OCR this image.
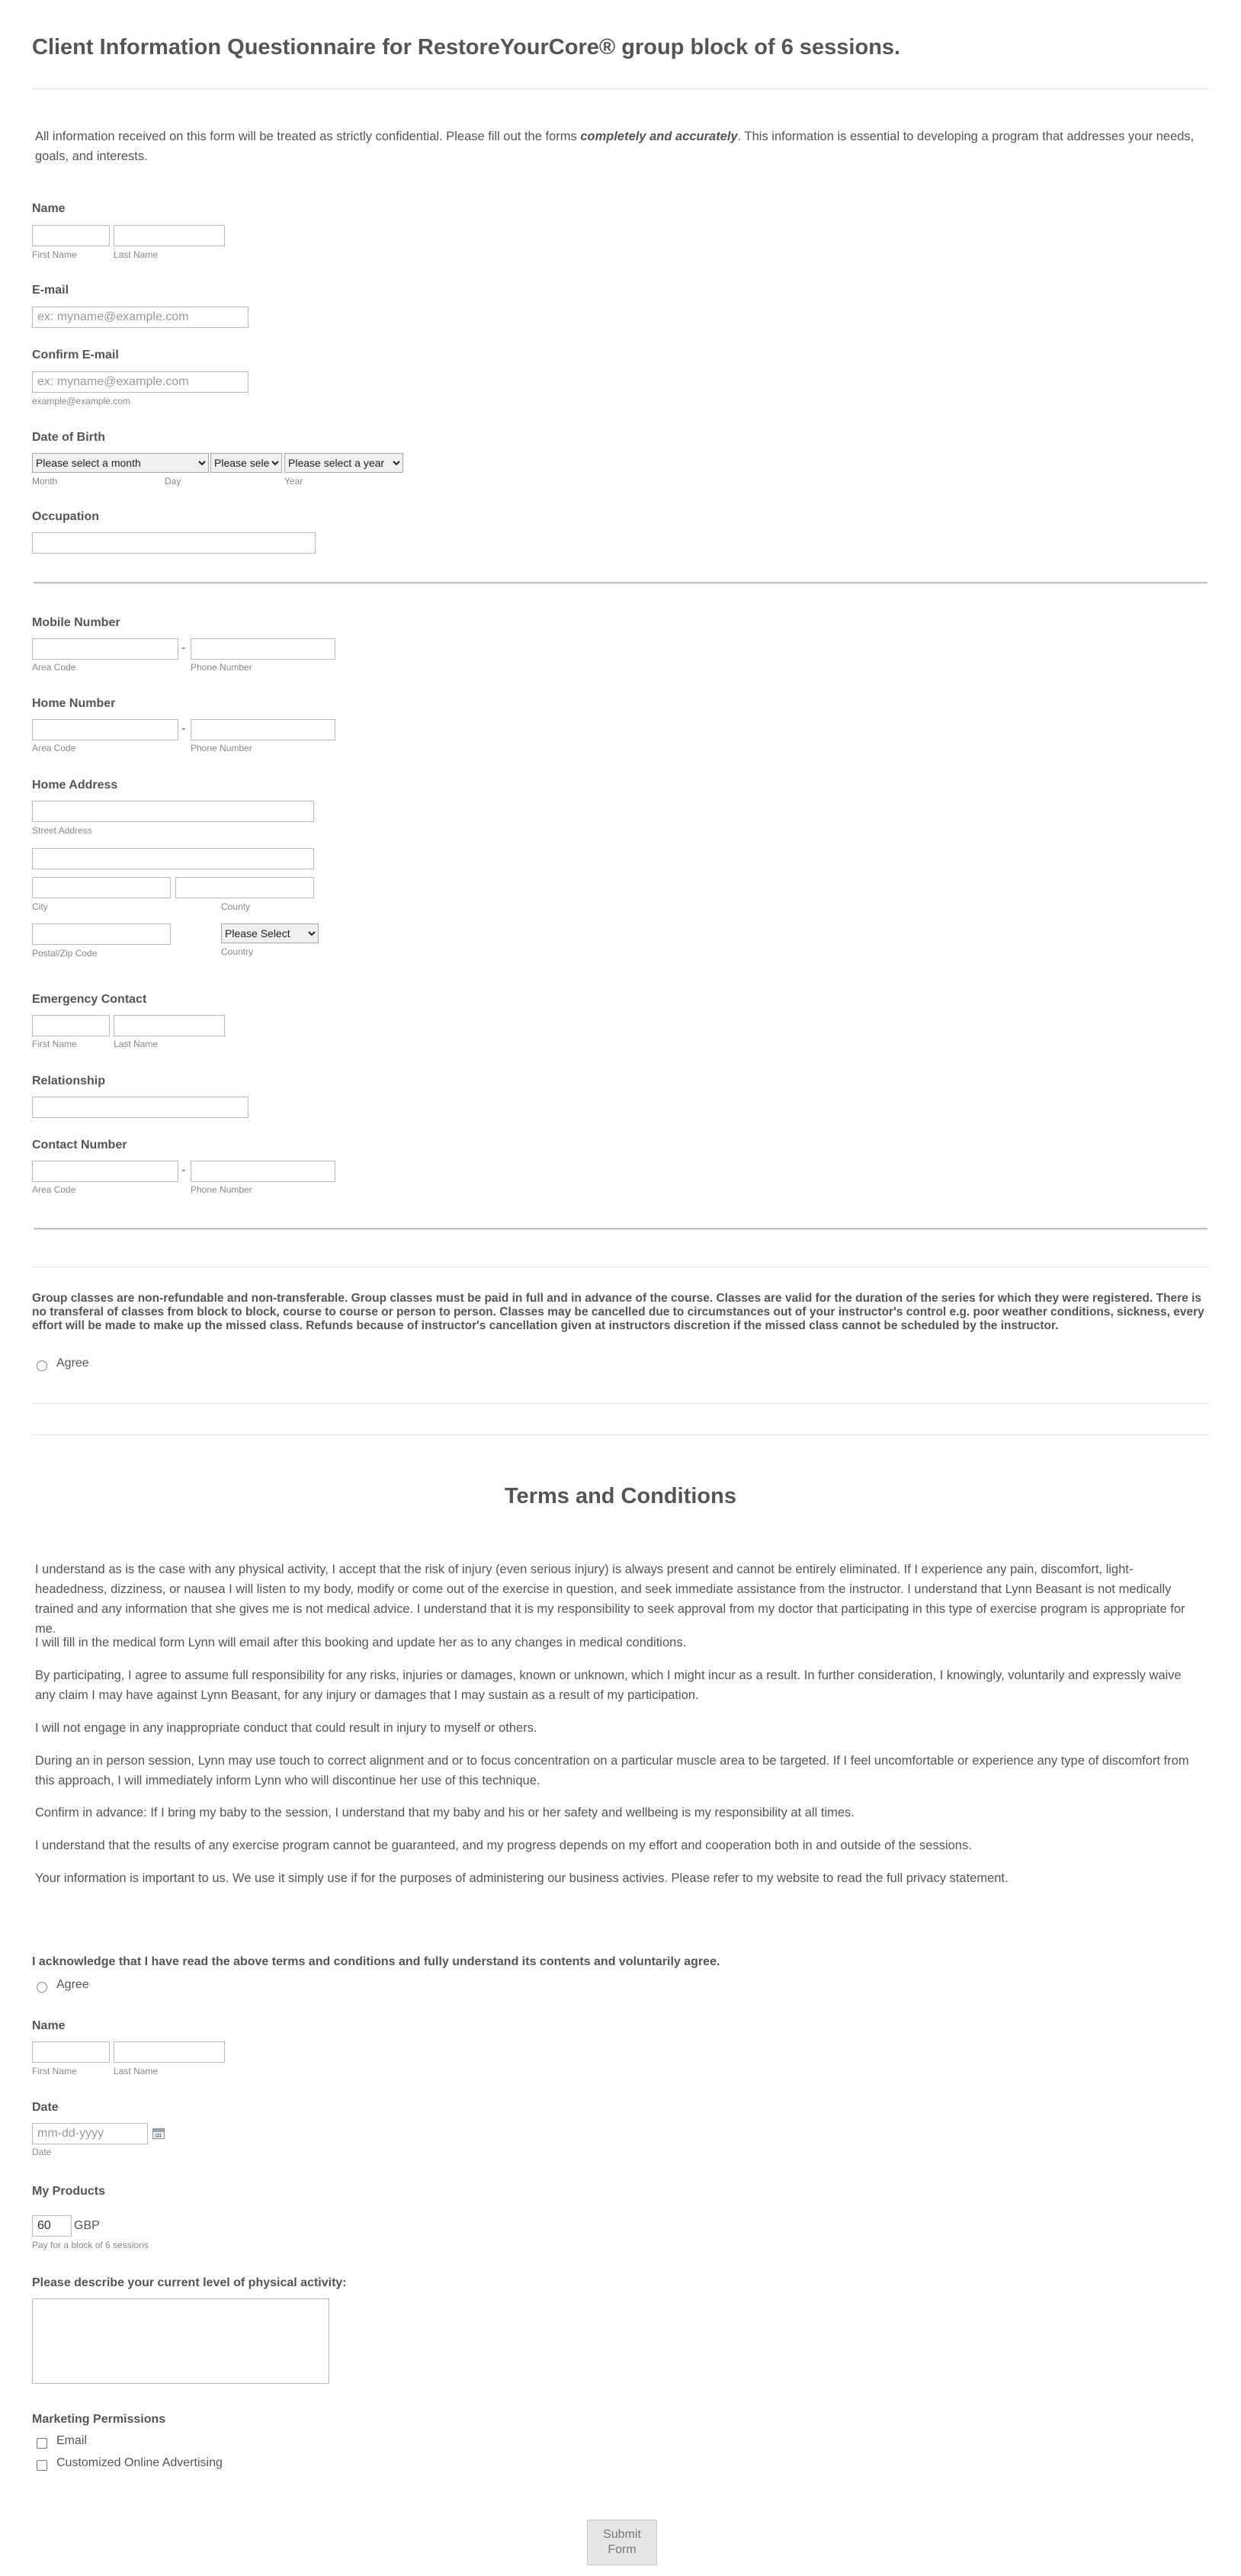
Client Information Questionnaire for RestoreYourCore® group block of 6 sessions.
All information received on this form will be treated as strictly confidential. Please fill out the forms completely and accurately. This information is essential to developing a program that addresses your needs, goals, and interests.
Name
First Name	Last Name
E-mail
ex: myname@example.com
Confirm E-mail
ex: myname@example.com
example@example.com
Date of Birth
Please select a month
Please select a day
Please select a year
Month	Day	Year
Occupation
Mobile Number
-
Area Code	Phone Number
Home Number
-
Area Code	Phone Number
Home Address
Street Address
City	County
Please Select
Postal/Zip Code	Country
Emergency Contact
First Name	Last Name
Relationship
Contact Number
-
Area Code	Phone Number
Group classes are non-refundable and non-transferable. Group classes must be paid in full and in advance of the course. Classes are valid for the duration of the series for which they were registered. There is no transferal of classes from block to block, course to course or person to person. Classes may be cancelled due to circumstances out of your instructor's control e.g. poor weather conditions, sickness, every effort will be made to make up the missed class. Refunds because of instructor's cancellation given at instructors discretion if the missed class cannot be scheduled by the instructor.
Agree
Terms and Conditions
I understand as is the case with any physical activity, I accept that the risk of injury (even serious injury) is always present and cannot be entirely eliminated. If I experience any pain, discomfort, light-headedness, dizziness, or nausea I will listen to my body, modify or come out of the exercise in question, and seek immediate assistance from the instructor. I understand that Lynn Beasant is not medically trained and any information that she gives me is not medical advice. I understand that it is my responsibility to seek approval from my doctor that participating in this type of exercise program is appropriate for me.
I will fill in the medical form Lynn will email after this booking and update her as to any changes in medical conditions.
By participating, I agree to assume full responsibility for any risks, injuries or damages, known or unknown, which I might incur as a result. In further consideration, I knowingly, voluntarily and expressly waive any claim I may have against Lynn Beasant, for any injury or damages that I may sustain as a result of my participation.
I will not engage in any inappropriate conduct that could result in injury to myself or others.
During an in person session, Lynn may use touch to correct alignment and or to focus concentration on a particular muscle area to be targeted. If I feel uncomfortable or experience any type of discomfort from this approach, I will immediately inform Lynn who will discontinue her use of this technique.
Confirm in advance: If I bring my baby to the session, I understand that my baby and his or her safety and wellbeing is my responsibility at all times.
I understand that the results of any exercise program cannot be guaranteed, and my progress depends on my effort and cooperation both in and outside of the sessions.
Your information is important to us. We use it simply use if for the purposes of administering our business activies. Please refer to my website to read the full privacy statement.
I acknowledge that I have read the above terms and conditions and fully understand its contents and voluntarily agree.
Agree
Name
First Name	Last Name
Date
mm-dd-yyyy
Date
My Products
60
GBP
Pay for a block of 6 sessions
Please describe your current level of physical activity:
Marketing Permissions
Email
Customized Online Advertising
Submit Form
